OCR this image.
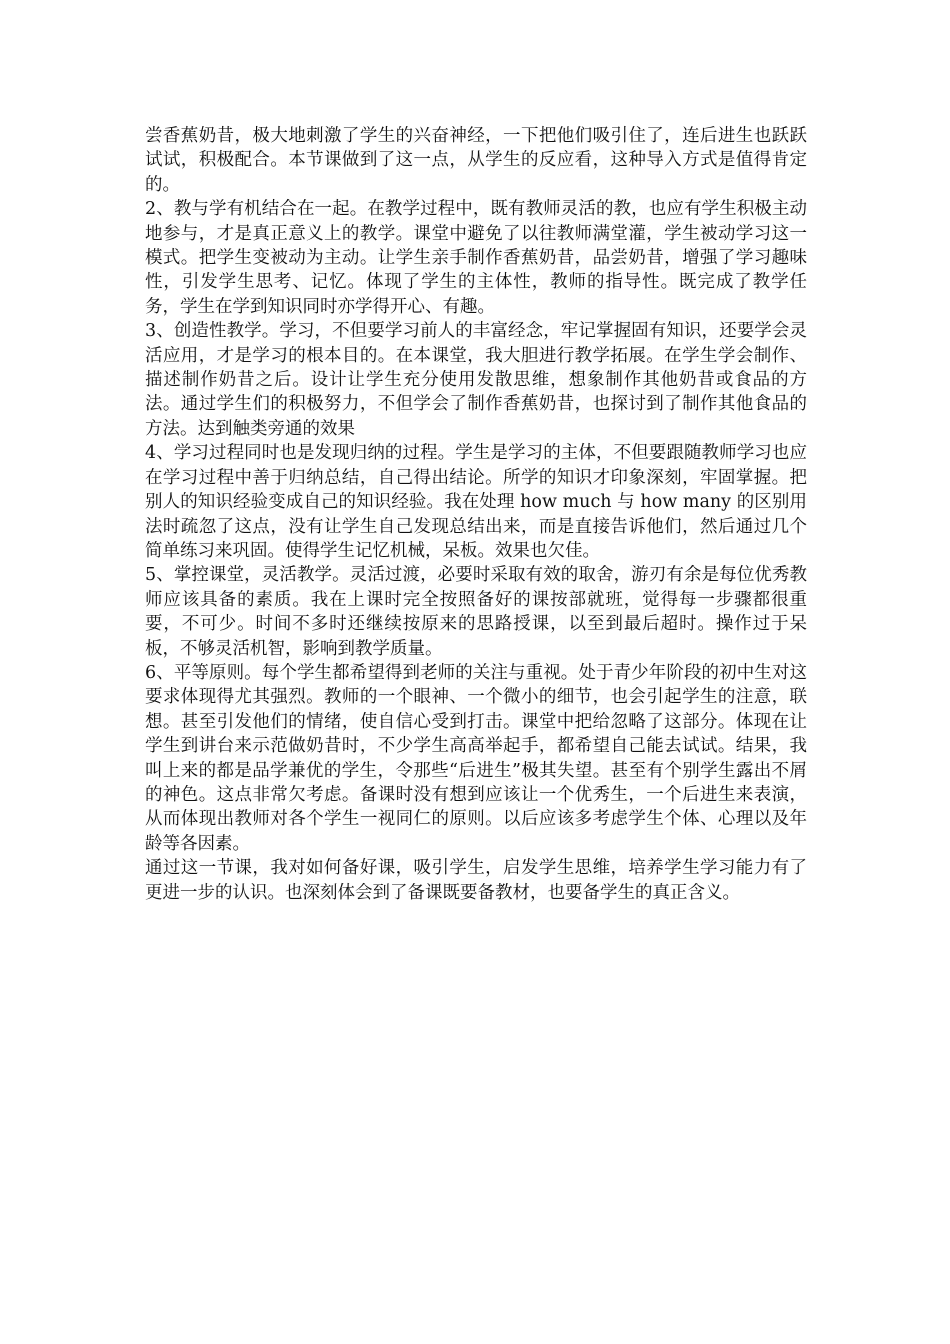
尝香蕉奶昔，极大地刺激了学生的兴奋神经，一下把他们吸引住了，连后进生也跃跃试试，积极配合。本节课做到了这一点，从学生的反应看，这种导入方式是值得肯定的。

2、教与学有机结合在一起。在教学过程中，既有教师灵活的教，也应有学生积极主动地参与，才是真正意义上的教学。课堂中避免了以往教师满堂灌，学生被动学习这一模式。把学生变被动为主动。让学生亲手制作香蕉奶昔，品尝奶昔，增强了学习趣味性，引发学生思考、记忆。体现了学生的主体性，教师的指导性。既完成了教学任务，学生在学到知识同时亦学得开心、有趣。

3、创造性教学。学习，不但要学习前人的丰富经念，牢记掌握固有知识，还要学会灵活应用，才是学习的根本目的。在本课堂，我大胆进行教学拓展。在学生学会制作、描述制作奶昔之后。设计让学生充分使用发散思维，想象制作其他奶昔或食品的方法。通过学生们的积极努力，不但学会了制作香蕉奶昔，也探讨到了制作其他食品的方法。达到触类旁通的效果

4、学习过程同时也是发现归纳的过程。学生是学习的主体，不但要跟随教师学习也应在学习过程中善于归纳总结，自己得出结论。所学的知识才印象深刻，牢固掌握。把别人的知识经验变成自己的知识经验。我在处理 how much 与 how many 的区别用法时疏忽了这点，没有让学生自己发现总结出来，而是直接告诉他们，然后通过几个简单练习来巩固。使得学生记忆机械，呆板。效果也欠佳。

5、掌控课堂，灵活教学。灵活过渡，必要时采取有效的取舍，游刃有余是每位优秀教师应该具备的素质。我在上课时完全按照备好的课按部就班，觉得每一步骤都很重要，不可少。时间不多时还继续按原来的思路授课，以至到最后超时。操作过于呆板，不够灵活机智，影响到教学质量。

6、平等原则。每个学生都希望得到老师的关注与重视。处于青少年阶段的初中生对这要求体现得尤其强烈。教师的一个眼神、一个微小的细节，也会引起学生的注意，联想。甚至引发他们的情绪，使自信心受到打击。课堂中把给忽略了这部分。体现在让学生到讲台来示范做奶昔时，不少学生高高举起手，都希望自己能去试试。结果，我叫上来的都是品学兼优的学生，令那些“后进生”极其失望。甚至有个别学生露出不屑的神色。这点非常欠考虑。备课时没有想到应该让一个优秀生，一个后进生来表演，从而体现出教师对各个学生一视同仁的原则。以后应该多考虑学生个体、心理以及年龄等各因素。

通过这一节课，我对如何备好课，吸引学生，启发学生思维，培养学生学习能力有了更进一步的认识。也深刻体会到了备课既要备教材，也要备学生的真正含义。
